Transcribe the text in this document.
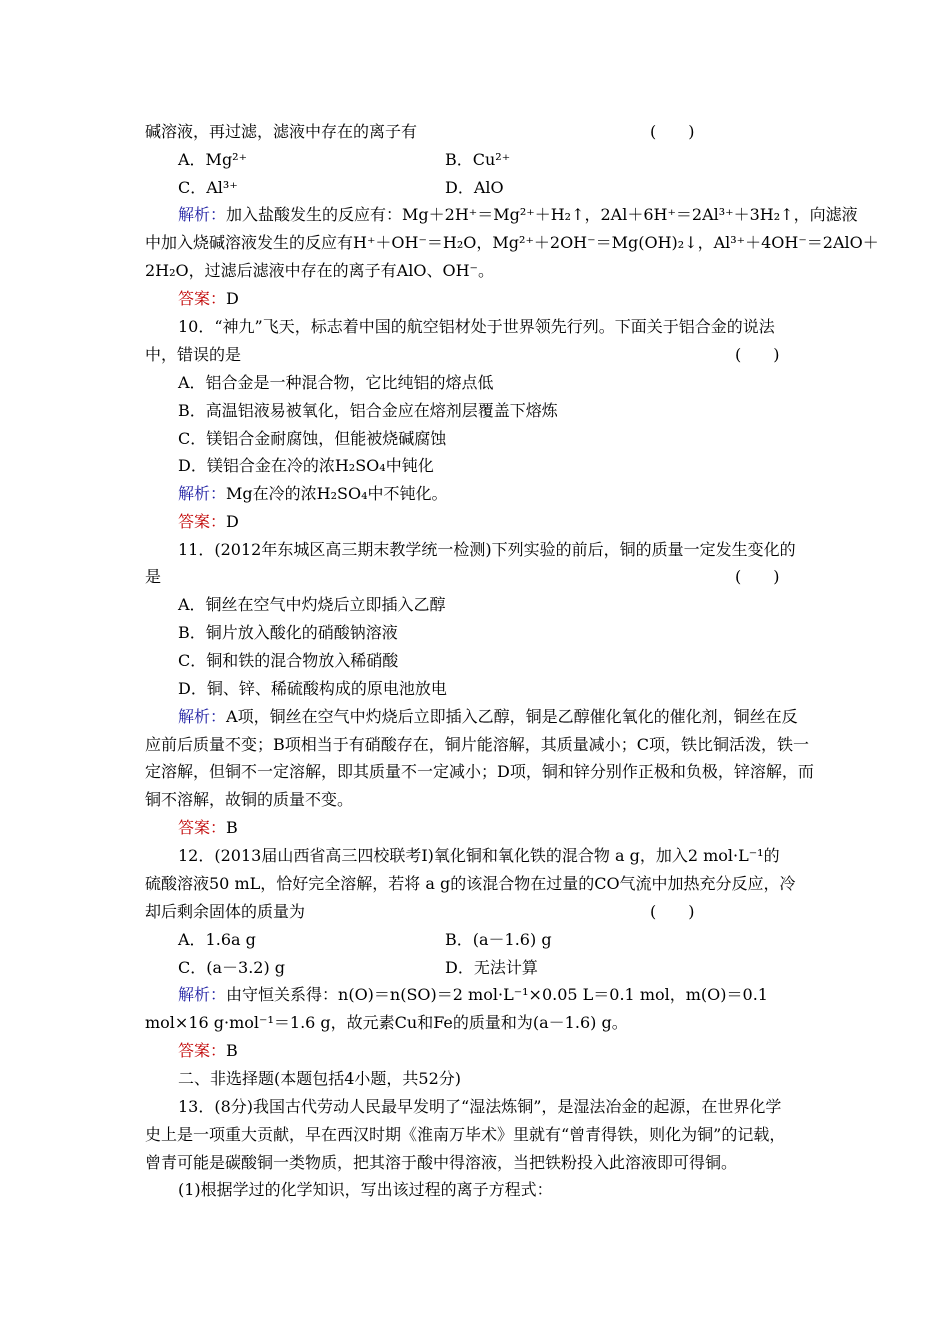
碱溶液，再过滤，滤液中存在的离子有	(　　)
A．Mg²⁺	B．Cu²⁺
C．Al³⁺	D．AlO
解析：加入盐酸发生的反应有：Mg＋2H⁺＝Mg²⁺＋H₂↑，2Al＋6H⁺＝2Al³⁺＋3H₂↑，向滤液
中加入烧碱溶液发生的反应有H⁺＋OH⁻＝H₂O，Mg²⁺＋2OH⁻＝Mg(OH)₂↓，Al³⁺＋4OH⁻＝2AlO＋
2H₂O，过滤后滤液中存在的离子有AlO、OH⁻。
答案：D
10．“神九”飞天，标志着中国的航空铝材处于世界领先行列。下面关于铝合金的说法
中，错误的是	(　　)
A．铝合金是一种混合物，它比纯铝的熔点低
B．高温铝液易被氧化，铝合金应在熔剂层覆盖下熔炼
C．镁铝合金耐腐蚀，但能被烧碱腐蚀
D．镁铝合金在冷的浓H₂SO₄中钝化
解析：Mg在冷的浓H₂SO₄中不钝化。
答案：D
11．(2012年东城区高三期末教学统一检测)下列实验的前后，铜的质量一定发生变化的
是	(　　)
A．铜丝在空气中灼烧后立即插入乙醇
B．铜片放入酸化的硝酸钠溶液
C．铜和铁的混合物放入稀硝酸
D．铜、锌、稀硫酸构成的原电池放电
解析：A项，铜丝在空气中灼烧后立即插入乙醇，铜是乙醇催化氧化的催化剂，铜丝在反
应前后质量不变；B项相当于有硝酸存在，铜片能溶解，其质量减小；C项，铁比铜活泼，铁一
定溶解，但铜不一定溶解，即其质量不一定减小；D项，铜和锌分别作正极和负极，锌溶解，而
铜不溶解，故铜的质量不变。
答案：B
12．(2013届山西省高三四校联考Ⅰ)氧化铜和氧化铁的混合物 a g，加入2 mol·L⁻¹的
硫酸溶液50 mL，恰好完全溶解，若将 a g的该混合物在过量的CO气流中加热充分反应，冷
却后剩余固体的质量为	(　　)
A．1.6a g	B．(a－1.6) g
C．(a－3.2) g	D．无法计算
解析：由守恒关系得：n(O)＝n(SO)＝2 mol·L⁻¹×0.05 L＝0.1 mol，m(O)＝0.1
mol×16 g·mol⁻¹＝1.6 g，故元素Cu和Fe的质量和为(a－1.6) g。
答案：B
二、非选择题(本题包括4小题，共52分)
13．(8分)我国古代劳动人民最早发明了“湿法炼铜”，是湿法冶金的起源，在世界化学
史上是一项重大贡献，早在西汉时期《淮南万毕术》里就有“曾青得铁，则化为铜”的记载，
曾青可能是碳酸铜一类物质，把其溶于酸中得溶液，当把铁粉投入此溶液即可得铜。
(1)根据学过的化学知识，写出该过程的离子方程式：
